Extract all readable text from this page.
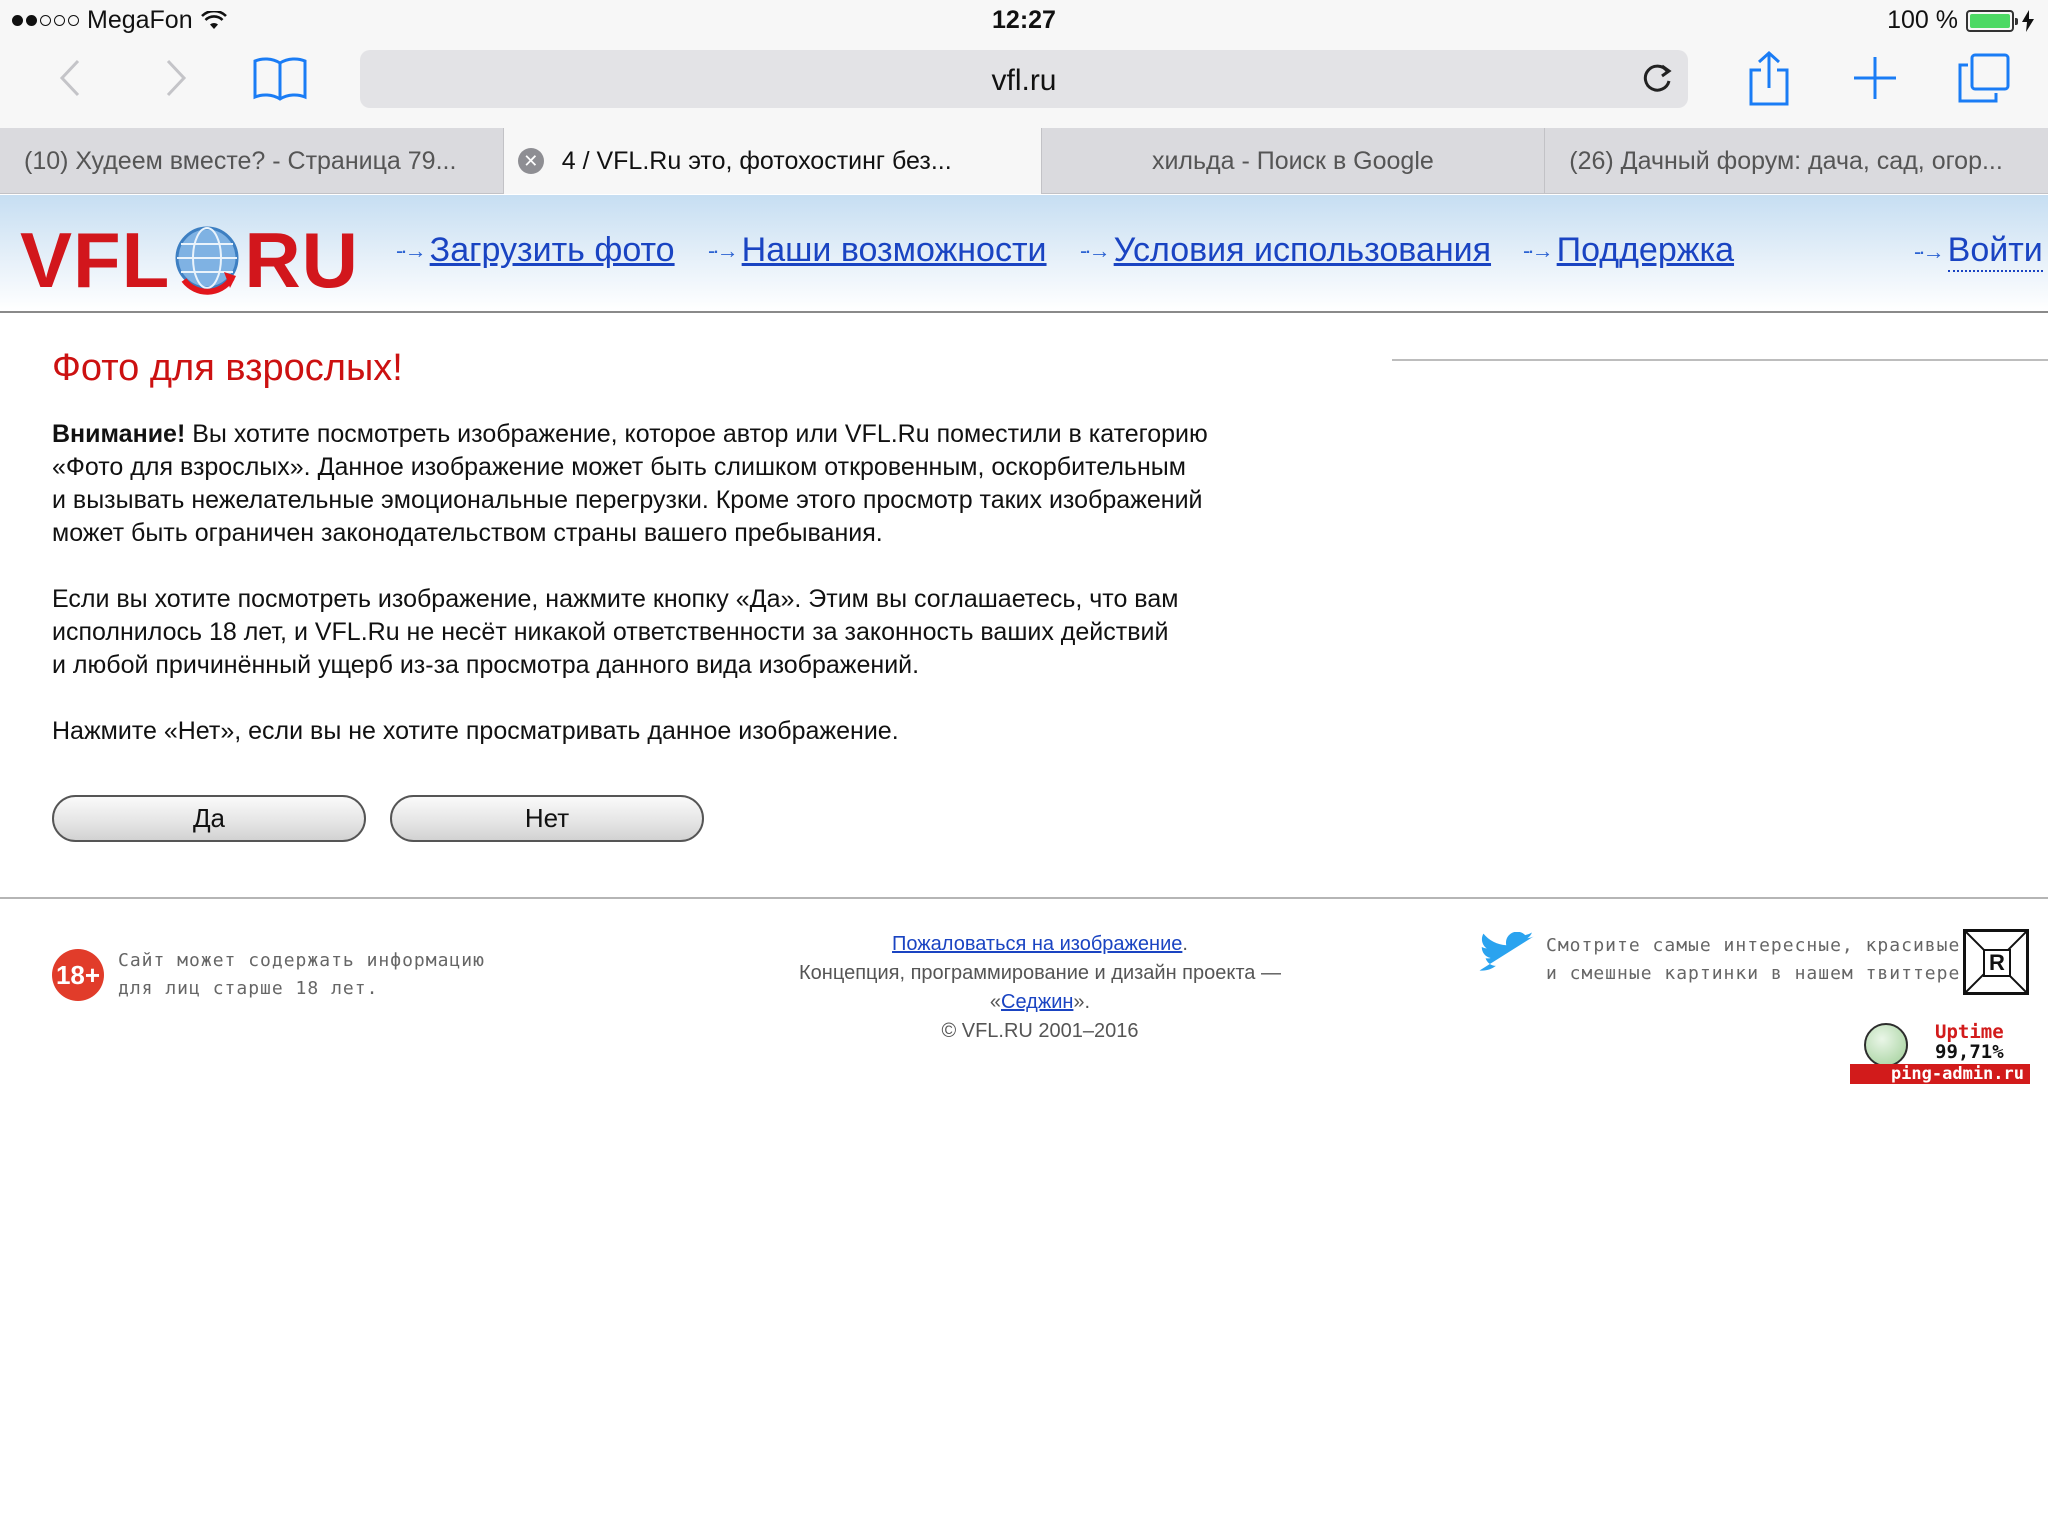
MegaFon	12:27	100 %
vfl.ru
(10) Худеем вместе? - Страница 79...	✕ 4 / VFL.Ru это, фотохостинг без...	хильда - Поиск в Google	(26) Дачный форум: дача, сад, огор...
VFL RU -·→ Загрузить фото -·→ Наши возможности -·→ Условия использования -·→ Поддержка	-·→ Войти
Фото для взрослых!
Внимание! Вы хотите посмотреть изображение, которое автор или VFL.Ru поместили в категорию
«Фото для взрослых». Данное изображение может быть слишком откровенным, оскорбительным
и вызывать нежелательные эмоциональные перегрузки. Кроме этого просмотр таких изображений
может быть ограничен законодательством страны вашего пребывания.
Если вы хотите посмотреть изображение, нажмите кнопку «Да». Этим вы соглашаетесь, что вам
исполнилось 18 лет, и VFL.Ru не несёт никакой ответственности за законность ваших действий
и любой причинённый ущерб из-за просмотра данного вида изображений.
Нажмите «Нет», если вы не хотите просматривать данное изображение.
Да	Нет
18+ Сайт может содержать информацию
для лиц старше 18 лет.
Пожаловаться на изображение.
Концепция, программирование и дизайн проекта —
«Седжин».
© VFL.RU 2001–2016
Смотрите самые интересные, красивые
и смешные картинки в нашем твиттере R
Uptime
99,71%
ping-admin.ru
